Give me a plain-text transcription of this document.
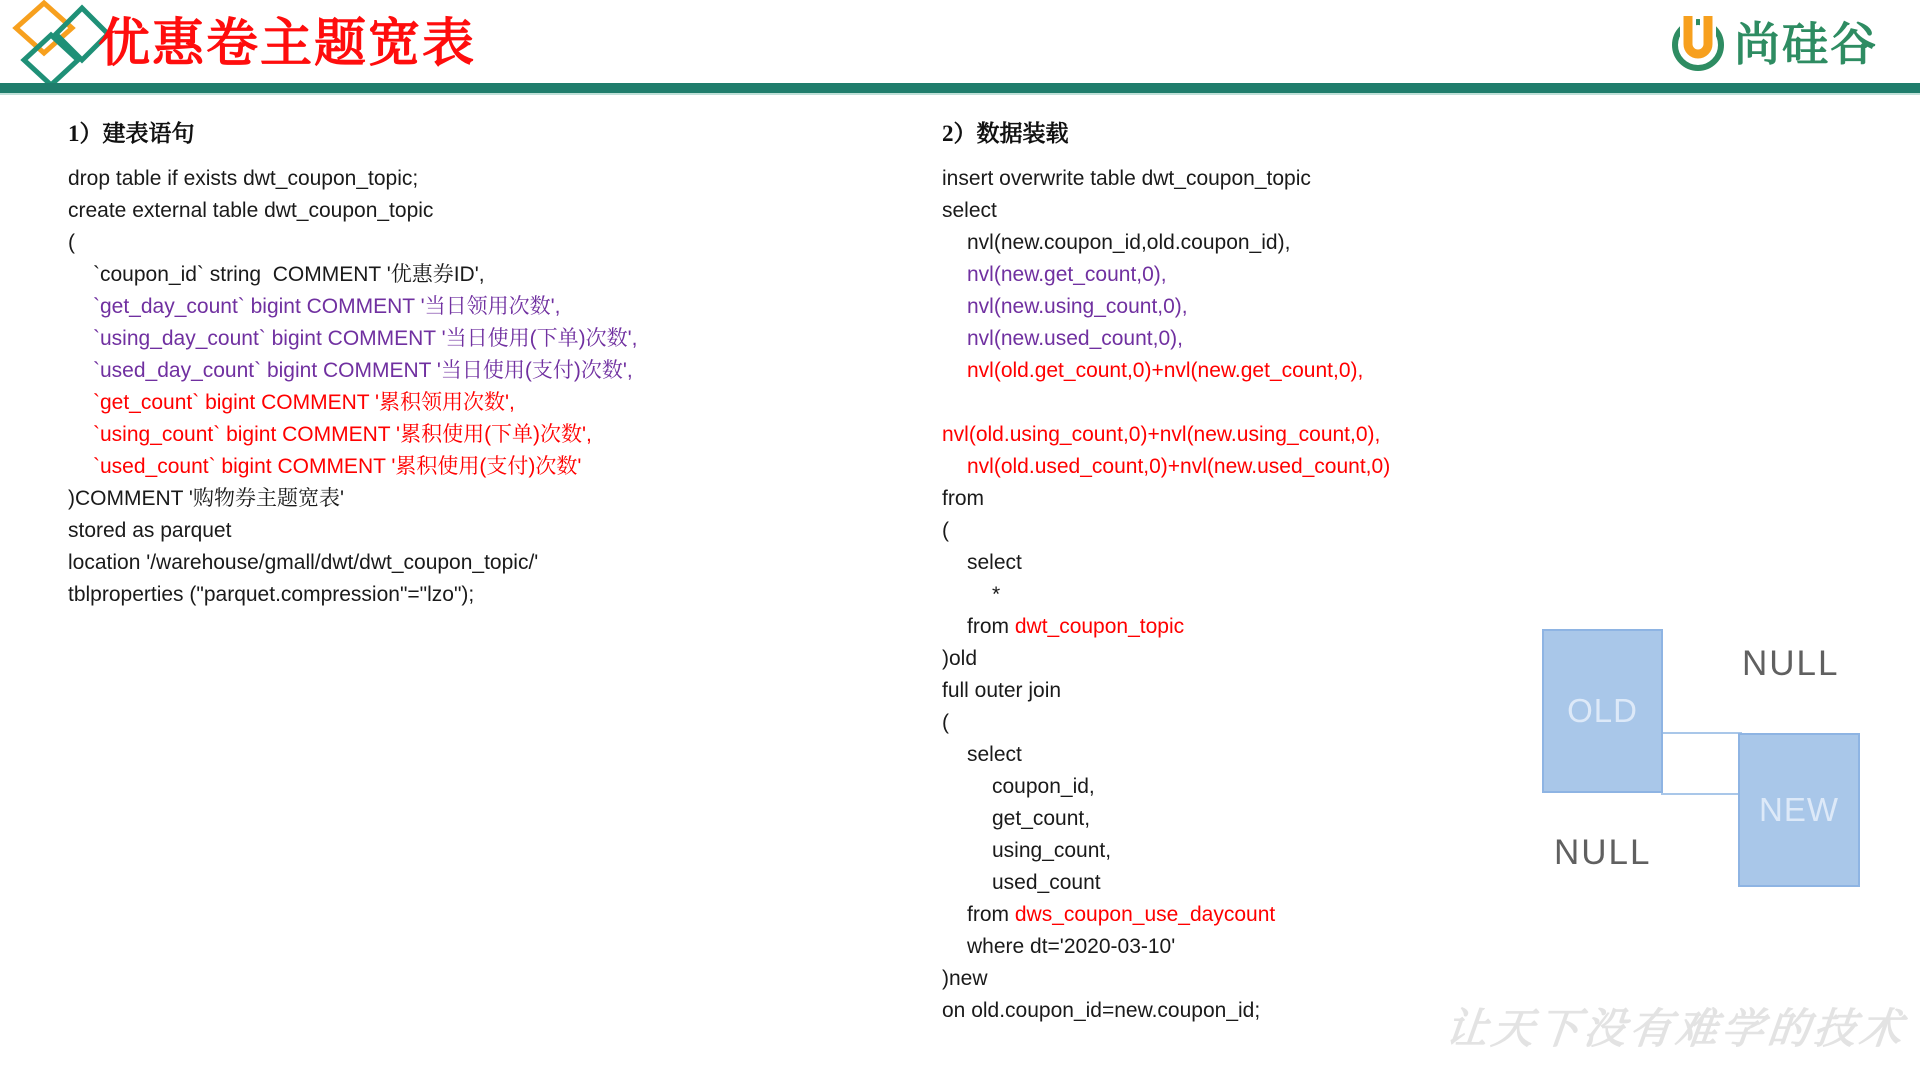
优惠卷主题宽表	尚硅谷
1）建表语句
drop table if exists dwt_coupon_topic;
create external table dwt_coupon_topic
(
`coupon_id` string  COMMENT '优惠券ID',
`get_day_count` bigint COMMENT '当日领用次数',
`using_day_count` bigint COMMENT '当日使用(下单)次数',
`used_day_count` bigint COMMENT '当日使用(支付)次数',
`get_count` bigint COMMENT '累积领用次数',
`using_count` bigint COMMENT '累积使用(下单)次数',
`used_count` bigint COMMENT '累积使用(支付)次数'
)COMMENT '购物券主题宽表'
stored as parquet
location '/warehouse/gmall/dwt/dwt_coupon_topic/'
tblproperties ("parquet.compression"="lzo");
2）数据装载
insert overwrite table dwt_coupon_topic
select
nvl(new.coupon_id,old.coupon_id),
nvl(new.get_count,0),
nvl(new.using_count,0),
nvl(new.used_count,0),
nvl(old.get_count,0)+nvl(new.get_count,0),

nvl(old.using_count,0)+nvl(new.using_count,0),
nvl(old.used_count,0)+nvl(new.used_count,0)
from
(
select
*
from dwt_coupon_topic
)old
full outer join
(
select
coupon_id,
get_count,
using_count,
used_count
from dws_coupon_use_daycount
where dt='2020-03-10'
)new
on old.coupon_id=new.coupon_id;
OLD
NEW
NULL
NULL
让天下没有难学的技术
